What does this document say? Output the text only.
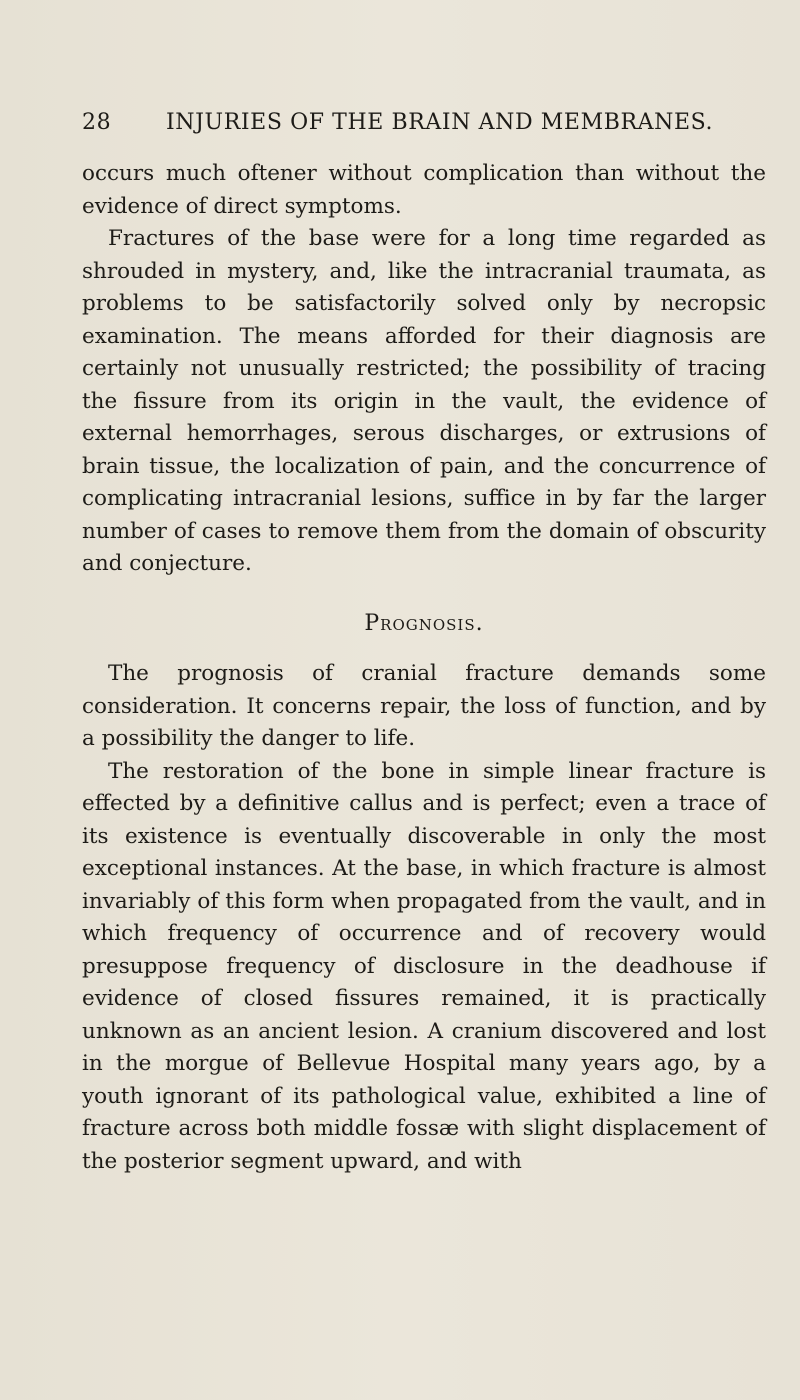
28 INJURIES OF THE BRAIN AND MEMBRANES.

occurs much oftener without complication than without the evidence of direct symptoms.

Fractures of the base were for a long time regarded as shrouded in mystery, and, like the intracranial traumata, as problems to be satisfactorily solved only by necropsic examination. The means afforded for their diagnosis are certainly not unusually restricted; the possibility of tracing the fissure from its origin in the vault, the evidence of external hemorrhages, serous discharges, or extrusions of brain tissue, the localization of pain, and the concurrence of complicating intracranial lesions, suffice in by far the larger number of cases to remove them from the domain of obscurity and conjecture.

Prognosis.

The prognosis of cranial fracture demands some consideration. It concerns repair, the loss of function, and by a possibility the danger to life.

The restoration of the bone in simple linear fracture is effected by a definitive callus and is perfect; even a trace of its existence is eventually discoverable in only the most exceptional instances. At the base, in which fracture is almost invariably of this form when propagated from the vault, and in which frequency of occurrence and of recovery would presuppose frequency of disclosure in the deadhouse if evidence of closed fissures remained, it is practically unknown as an ancient lesion. A cranium discovered and lost in the morgue of Bellevue Hospital many years ago, by a youth ignorant of its pathological value, exhibited a line of fracture across both middle fossæ with slight displacement of the posterior segment upward, and with
